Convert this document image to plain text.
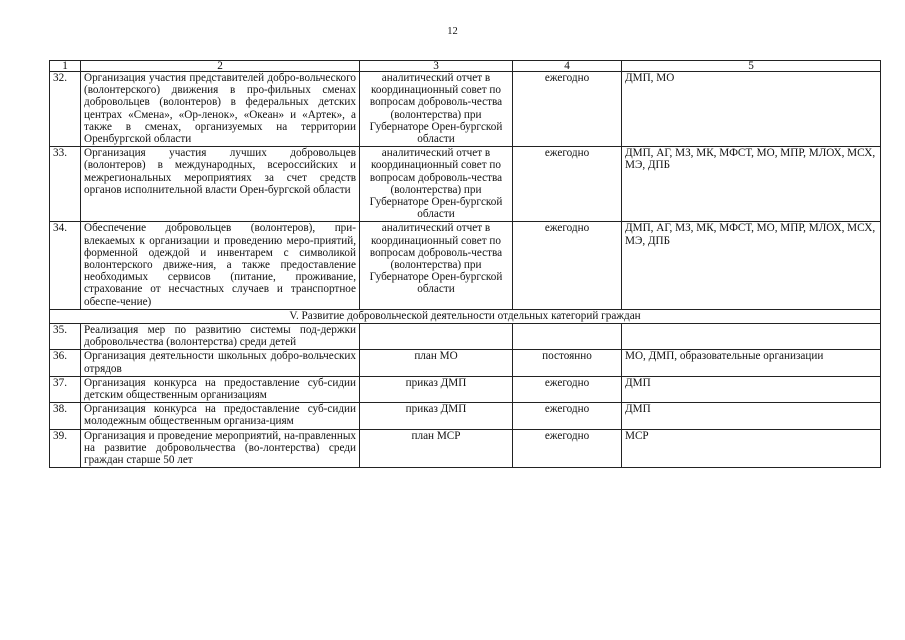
12
1	2	3	4	5
32.	Организация участия представителей добро-вольческого (волонтерского) движения в про-фильных сменах добровольцев (волонтеров) в федеральных детских центрах «Смена», «Ор-ленок», «Океан» и «Артек», а также в сменах, организуемых на территории Оренбургской области	аналитический отчет в координационный совет по вопросам доброволь-чества (волонтерства) при Губернаторе Орен-бургской области	ежегодно	ДМП, МО
33.	Организация участия лучших добровольцев (волонтеров) в международных, всероссийских и межрегиональных мероприятиях за счет средств органов исполнительной власти Орен-бургской области	аналитический отчет в координационный совет по вопросам доброволь-чества (волонтерства) при Губернаторе Орен-бургской области	ежегодно	ДМП, АГ, МЗ, МК, МФСТ, МО, МПР, МЛОХ, МСХ, МЭ, ДПБ
34.	Обеспечение добровольцев (волонтеров), при-влекаемых к организации и проведению меро-приятий, форменной одеждой и инвентарем с символикой волонтерского движе-ния, а также предоставление необходимых сервисов (питание, проживание, страхование от несчастных случаев и транспортное обеспе-чение)	аналитический отчет в координационный совет по вопросам доброволь-чества (волонтерства) при Губернаторе Орен-бургской области	ежегодно	ДМП, АГ, МЗ, МК, МФСТ, МО, МПР, МЛОХ, МСХ, МЭ, ДПБ
V. Развитие добровольческой деятельности отдельных категорий граждан				
35.	Реализация мер по развитию системы под-держки добровольчества (волонтерства) среди детей			
36.	Организация деятельности школьных добро-вольческих отрядов	план МО	постоянно	МО, ДМП, образовательные организации
37.	Организация конкурса на предоставление суб-сидии детским общественным организациям	приказ ДМП	ежегодно	ДМП
38.	Организация конкурса на предоставление суб-сидии молодежным общественным организа-циям	приказ ДМП	ежегодно	ДМП
39.	Организация и проведение мероприятий, на-правленных на развитие добровольчества (во-лонтерства) среди граждан старше 50 лет	план МСР	ежегодно	МСР
